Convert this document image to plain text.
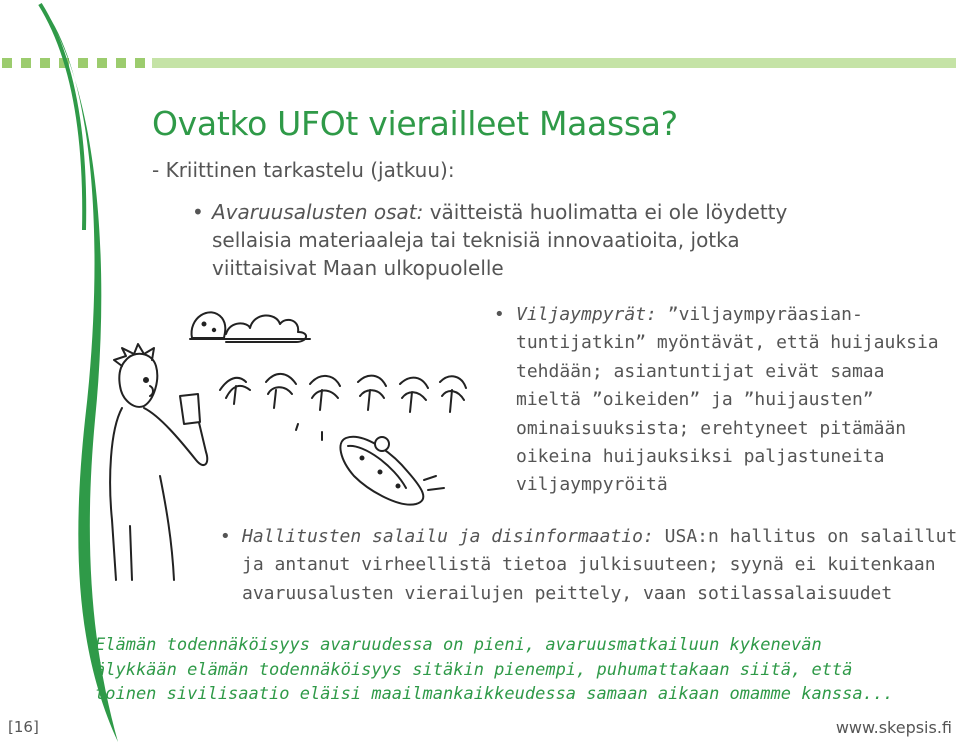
Ovatko UFOt vierailleet Maassa?
- Kriittinen tarkastelu (jatkuu):
• Avaruusalusten osat: väitteistä huolimatta ei ole löydetty

sellaisia materiaaleja tai teknisiä innovaatioita, jotka

viittaisivat Maan ulkopuolelle

• Viljaympyrät: ”viljaympyräasian-

tuntijatkin” myöntävät, että huijauksia

tehdään; asiantuntijat eivät samaa

mieltä ”oikeiden” ja ”huijausten”

ominaisuuksista; erehtyneet pitämään

oikeina huijauksiksi paljastuneita

viljaympyröitä

• Hallitusten salailu ja disinformaatio: USA:n hallitus on salaillut

ja antanut virheellistä tietoa julkisuuteen; syynä ei kuitenkaan

avaruusalusten vierailujen peittely, vaan sotilassalaisuudet

Elämän todennäköisyys avaruudessa on pieni, avaruusmatkailuun kykenevän

älykkään elämän todennäköisyys sitäkin pienempi, puhumattakaan siitä, että

toinen sivilisaatio eläisi maailmankaikkeudessa samaan aikaan omamme kanssa...

[16]	www.skepsis.fi
